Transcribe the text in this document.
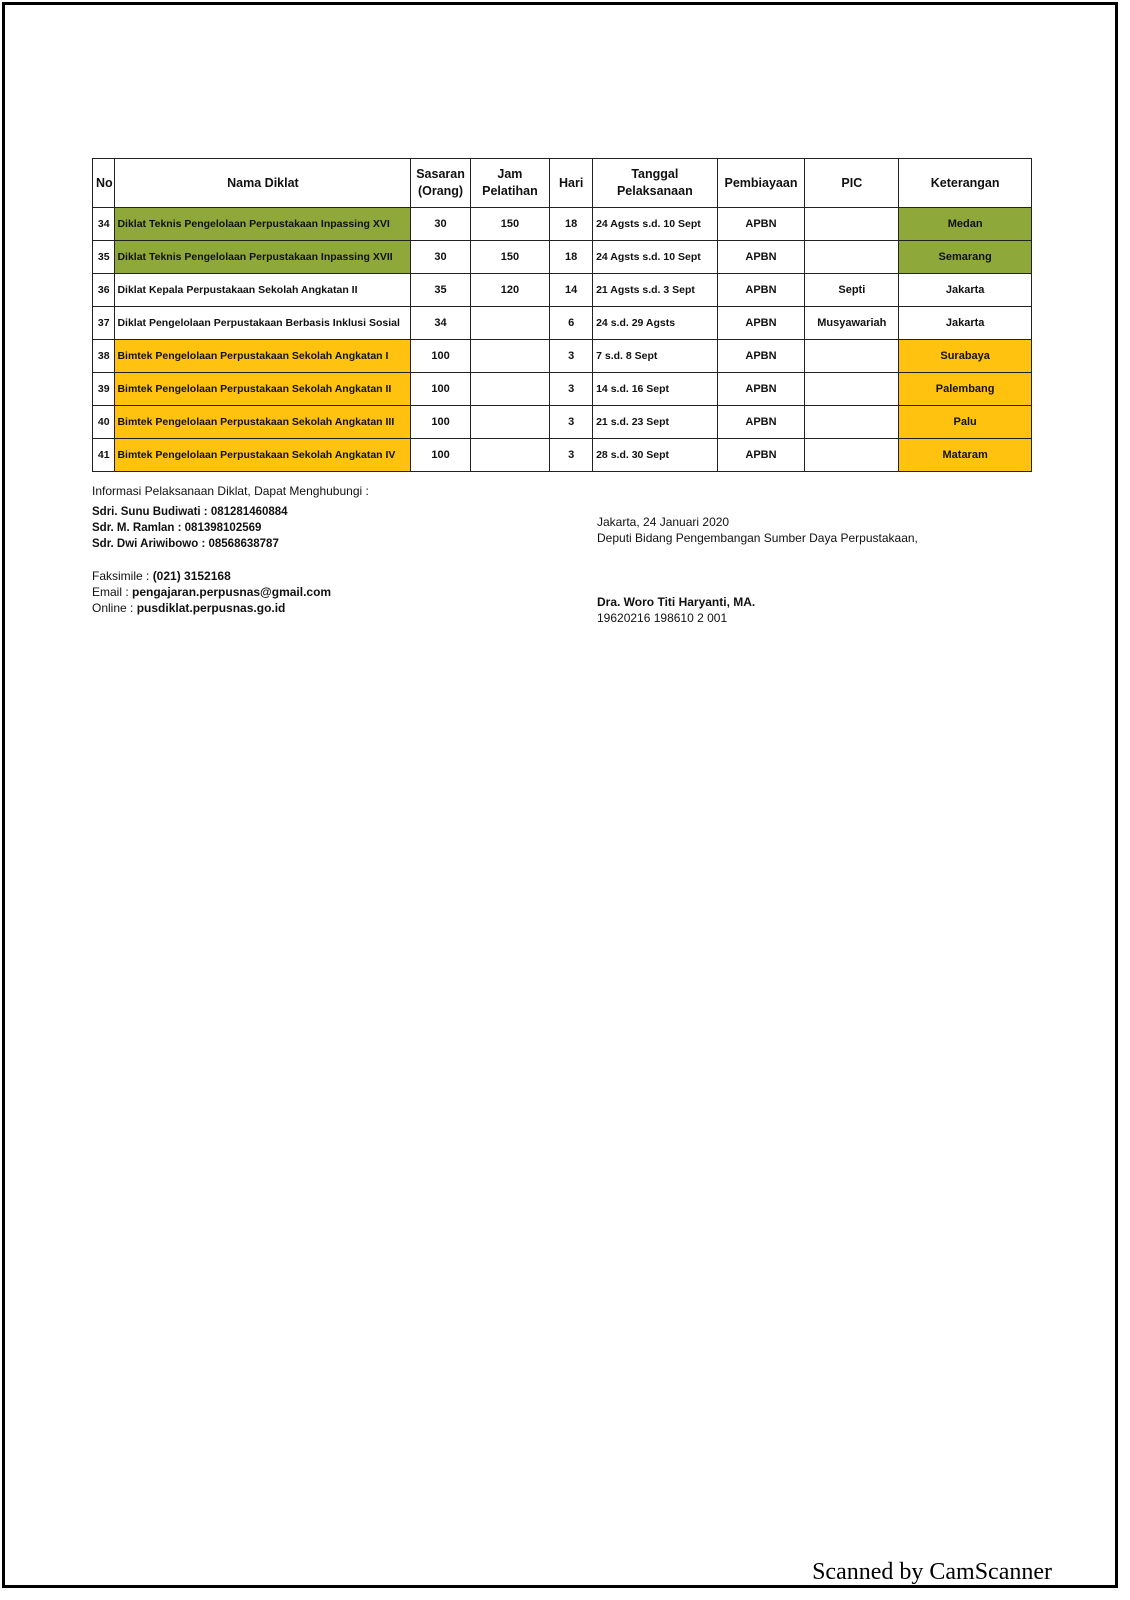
No	Nama Diklat	Sasaran (Orang)	Jam Pelatihan	Hari	Tanggal Pelaksanaan	Pembiayaan	PIC	Keterangan
34	Diklat Teknis Pengelolaan Perpustakaan Inpassing XVI	30	150	18	24 Agsts s.d. 10 Sept	APBN		Medan
35	Diklat Teknis Pengelolaan Perpustakaan Inpassing XVII	30	150	18	24 Agsts s.d. 10 Sept	APBN		Semarang
36	Diklat Kepala Perpustakaan Sekolah Angkatan II	35	120	14	21 Agsts s.d. 3 Sept	APBN	Septi	Jakarta
37	Diklat Pengelolaan Perpustakaan Berbasis Inklusi Sosial	34		6	24 s.d. 29 Agsts	APBN	Musyawariah	Jakarta
38	Bimtek Pengelolaan Perpustakaan Sekolah Angkatan I	100		3	7 s.d. 8 Sept	APBN		Surabaya
39	Bimtek Pengelolaan Perpustakaan Sekolah Angkatan II	100		3	14 s.d. 16 Sept	APBN		Palembang
40	Bimtek Pengelolaan Perpustakaan Sekolah Angkatan III	100		3	21 s.d. 23 Sept	APBN		Palu
41	Bimtek Pengelolaan Perpustakaan Sekolah Angkatan IV	100		3	28 s.d. 30 Sept	APBN		Mataram
Informasi Pelaksanaan Diklat, Dapat Menghubungi :
Sdri. Sunu Budiwati : 081281460884
Sdr. M. Ramlan : 081398102569
Sdr. Dwi Ariwibowo : 08568638787
Faksimile : (021) 3152168
Email : pengajaran.perpusnas@gmail.com
Online : pusdiklat.perpusnas.go.id
Jakarta, 24 Januari 2020
Deputi Bidang Pengembangan Sumber Daya Perpustakaan,
Dra. Woro Titi Haryanti, MA.
19620216 198610 2 001
Scanned by CamScanner
